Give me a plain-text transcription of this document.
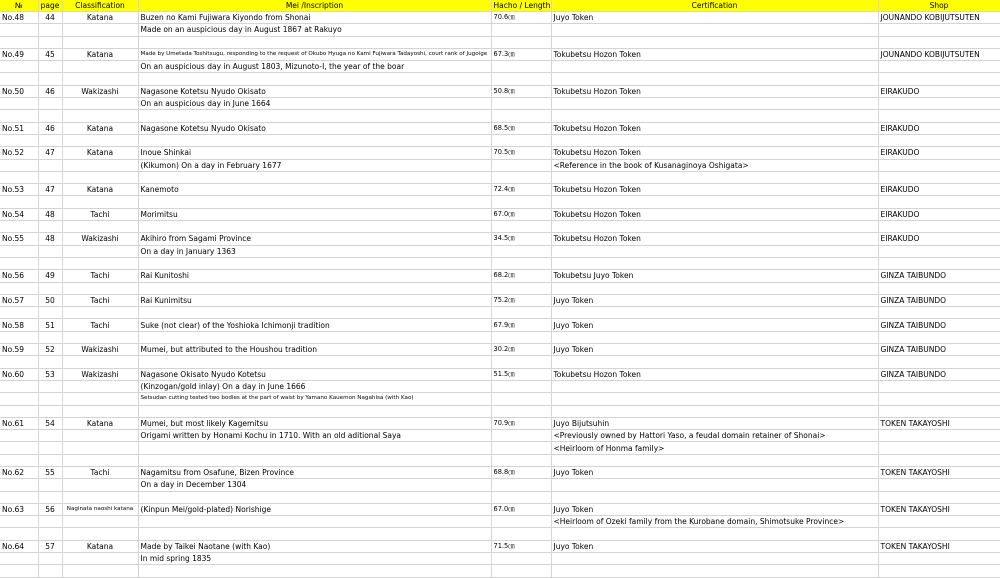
№	page	Classification	Mei /Inscription	Hacho / Length	Certification	Shop
No.48	44	Katana	Buzen no Kami Fujiwara Kiyondo from Shonai	70.6㎝	Juyo Token	JOUNANDO KOBIJUTSUTEN
			Made on an auspicious day in August 1867 at Rakuyo			

No.49	45	Katana	Made by Umetada Toshitsugu, responding to the request of Okubo Hyuga no Kami Fujiwara Tadayoshi, court rank of Jugoige	67.3㎝	Tokubetsu Hozon Token	JOUNANDO KOBIJUTSUTEN
			On an auspicious day in August 1803, Mizunoto-I, the year of the boar			

No.50	46	Wakizashi	Nagasone Kotetsu Nyudo Okisato	50.8㎝	Tokubetsu Hozon Token	EIRAKUDO
			On an auspicious day in June 1664			

No.51	46	Katana	Nagasone Kotetsu Nyudo Okisato	68.5㎝	Tokubetsu Hozon Token	EIRAKUDO

No.52	47	Katana	Inoue Shinkai	70.5㎝	Tokubetsu Hozon Token	EIRAKUDO
			(Kikumon) On a day in February 1677		<Reference in the book of Kusanaginoya Oshigata>	

No.53	47	Katana	Kanemoto	72.4㎝	Tokubetsu Hozon Token	EIRAKUDO

No.54	48	Tachi	Morimitsu	67.0㎝	Tokubetsu Hozon Token	EIRAKUDO

No.55	48	Wakizashi	Akihiro from Sagami Province	34.5㎝	Tokubetsu Hozon Token	EIRAKUDO
			On a day in January 1363			

No.56	49	Tachi	Rai Kunitoshi	68.2㎝	Tokubetsu Juyo Token	GINZA TAIBUNDO

No.57	50	Tachi	Rai Kunimitsu	75.2㎝	Juyo Token	GINZA TAIBUNDO

No.58	51	Tachi	Suke (not clear) of the Yoshioka Ichimonji tradition	67.9㎝	Juyo Token	GINZA TAIBUNDO

No.59	52	Wakizashi	Mumei, but attributed to the Houshou tradition	30.2㎝	Juyo Token	GINZA TAIBUNDO

No.60	53	Wakizashi	Nagasone Okisato Nyudo Kotetsu	51.5㎝	Tokubetsu Hozon Token	GINZA TAIBUNDO
			(Kinzogan/gold inlay) On a day in June 1666			
			Setsudan cutting tested two bodies at the part of waist by Yamano Kauemon Nagahisa (with Kao)			

No.61	54	Katana	Mumei, but most likely Kagemitsu	70.9㎝	Juyo Bijutsuhin	TOKEN TAKAYOSHI
			Origami written by Honami Kochu in 1710. With an old aditional Saya		<Previously owned by Hattori Yaso, a feudal domain retainer of Shonai>	
					<Heirloom of Honma family>	

No.62	55	Tachi	Nagamitsu from Osafune, Bizen Province	68.8㎝	Juyo Token	TOKEN TAKAYOSHI
			On a day in December 1304			

No.63	56	Naginata naoshi katana	(Kinpun Mei/gold-plated) Norishige	67.0㎝	Juyo Token	TOKEN TAKAYOSHI
					<Heirloom of Ozeki family from the Kurobane domain, Shimotsuke Province>	

No.64	57	Katana	Made by Taikei Naotane (with Kao)	71.5㎝	Juyo Token	TOKEN TAKAYOSHI
			In mid spring 1835			
